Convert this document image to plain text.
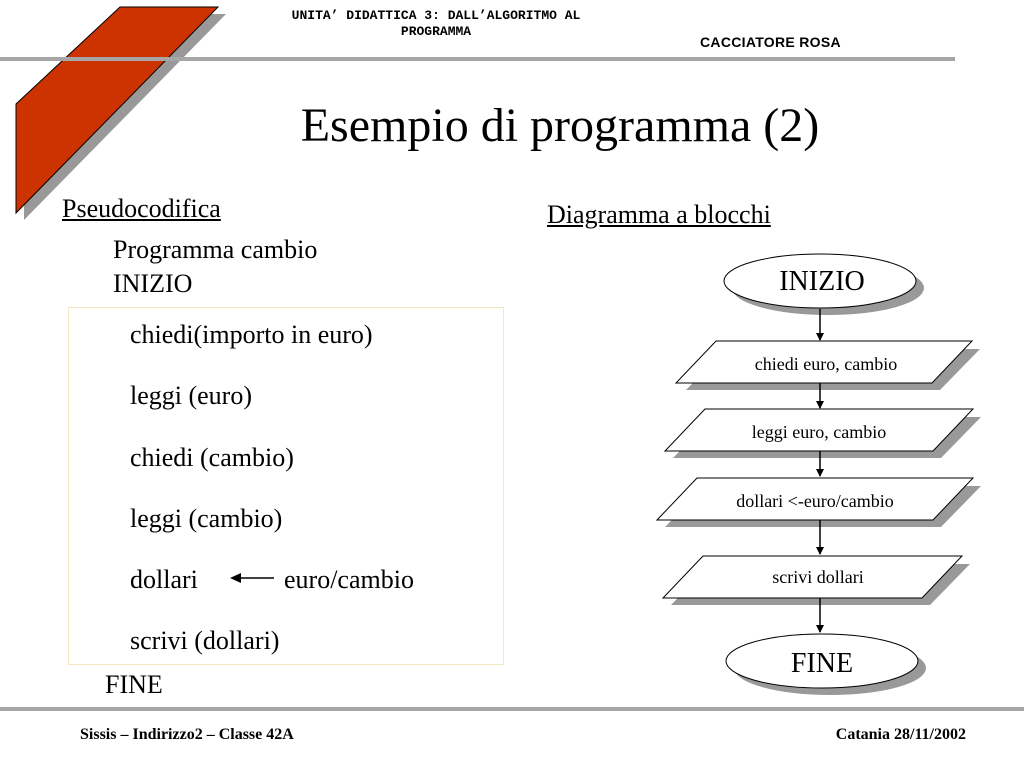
UNITA’ DIDATTICA 3: DALL’ALGORITMO AL
PROGRAMMA
CACCIATORE ROSA
Esempio di programma (2)
Pseudocodifica
Programma cambio
INIZIO
chiedi(importo in euro)
leggi (euro)
chiedi (cambio)
leggi (cambio)
dollari	euro/cambio
scrivi (dollari)
FINE
Diagramma a blocchi
INIZIO
chiedi euro, cambio
leggi euro, cambio
dollari <-euro/cambio
scrivi dollari
FINE
Sissis – Indirizzo2 – Classe 42A	Catania 28/11/2002
